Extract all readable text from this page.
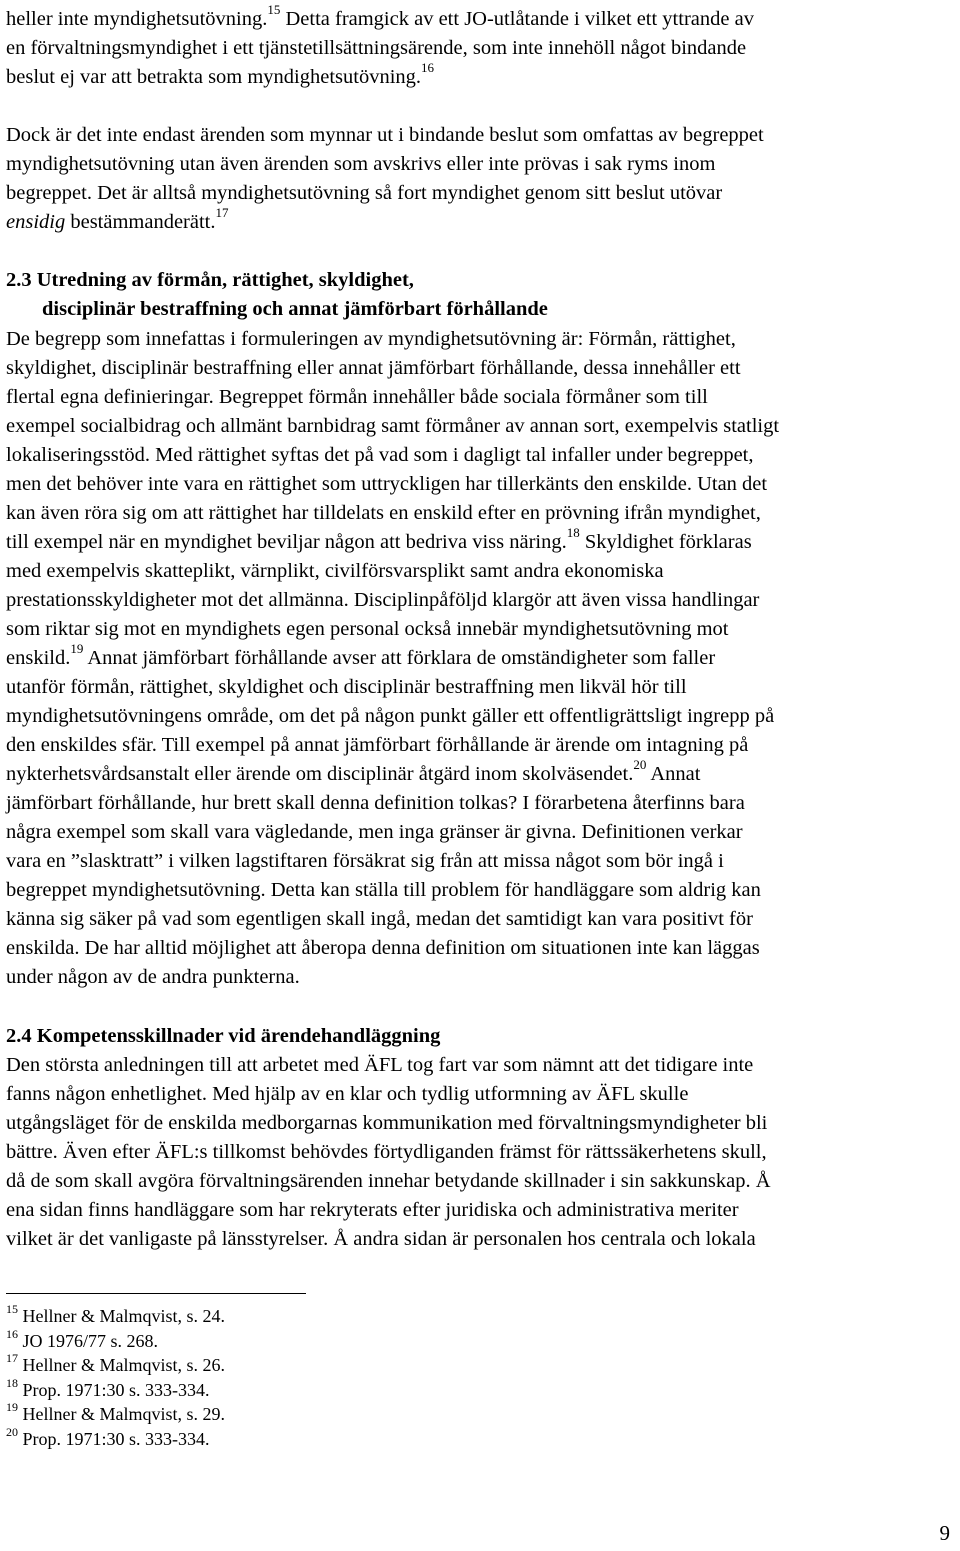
heller inte myndighetsutövning.$^{15}$ Detta framgick av ett JO-utlåtande i vilket ett yttrande av
en förvaltningsmyndighet i ett tjänstetillsättningsärende, som inte innehöll något bindande
beslut ej var att betrakta som myndighetsutövning.$^{16}$

Dock är det inte endast ärenden som mynnar ut i bindande beslut som omfattas av begreppet
myndighetsutövning utan även ärenden som avskrivs eller inte prövas i sak ryms inom
begreppet. Det är alltså myndighetsutövning så fort myndighet genom sitt beslut utövar
ensidig bestämmanderätt.$^{17}$

2.3 Utredning av förmån, rättighet, skyldighet,
disciplinär bestraffning och annat jämförbart förhållande

De begrepp som innefattas i formuleringen av myndighetsutövning är: Förmån, rättighet,
skyldighet, disciplinär bestraffning eller annat jämförbart förhållande, dessa innehåller ett
flertal egna definieringar. Begreppet förmån innehåller både sociala förmåner som till
exempel socialbidrag och allmänt barnbidrag samt förmåner av annan sort, exempelvis statligt
lokaliseringsstöd. Med rättighet syftas det på vad som i dagligt tal infaller under begreppet,
men det behöver inte vara en rättighet som uttryckligen har tillerkänts den enskilde. Utan det
kan även röra sig om att rättighet har tilldelats en enskild efter en prövning ifrån myndighet,
till exempel när en myndighet beviljar någon att bedriva viss näring.$^{18}$ Skyldighet förklaras
med exempelvis skatteplikt, värnplikt, civilförsvarsplikt samt andra ekonomiska
prestationsskyldigheter mot det allmänna. Disciplinpåföljd klargör att även vissa handlingar
som riktar sig mot en myndighets egen personal också innebär myndighetsutövning mot
enskild.$^{19}$ Annat jämförbart förhållande avser att förklara de omständigheter som faller
utanför förmån, rättighet, skyldighet och disciplinär bestraffning men likväl hör till
myndighetsutövningens område, om det på någon punkt gäller ett offentligrättsligt ingrepp på
den enskildes sfär. Till exempel på annat jämförbart förhållande är ärende om intagning på
nykterhetsvårdsanstalt eller ärende om disciplinär åtgärd inom skolväsendet.$^{20}$ Annat
jämförbart förhållande, hur brett skall denna definition tolkas? I förarbetena återfinns bara
några exempel som skall vara vägledande, men inga gränser är givna. Definitionen verkar
vara en ”slasktratt” i vilken lagstiftaren försäkrat sig från att missa något som bör ingå i
begreppet myndighetsutövning. Detta kan ställa till problem för handläggare som aldrig kan
känna sig säker på vad som egentligen skall ingå, medan det samtidigt kan vara positivt för
enskilda. De har alltid möjlighet att åberopa denna definition om situationen inte kan läggas
under någon av de andra punkterna.

2.4 Kompetensskillnader vid ärendehandläggning

Den största anledningen till att arbetet med ÄFL tog fart var som nämnt att det tidigare inte
fanns någon enhetlighet. Med hjälp av en klar och tydlig utformning av ÄFL skulle
utgångsläget för de enskilda medborgarnas kommunikation med förvaltningsmyndigheter bli
bättre. Även efter ÄFL:s tillkomst behövdes förtydliganden främst för rättssäkerhetens skull,
då de som skall avgöra förvaltningsärenden innehar betydande skillnader i sin sakkunskap. Å
ena sidan finns handläggare som har rekryterats efter juridiska och administrativa meriter
vilket är det vanligaste på länsstyrelser. Å andra sidan är personalen hos centrala och lokala

$^{15}$ Hellner & Malmqvist, s. 24.
$^{16}$ JO 1976/77 s. 268.
$^{17}$ Hellner & Malmqvist, s. 26.
$^{18}$ Prop. 1971:30 s. 333-334.
$^{19}$ Hellner & Malmqvist, s. 29.
$^{20}$ Prop. 1971:30 s. 333-334.
9
